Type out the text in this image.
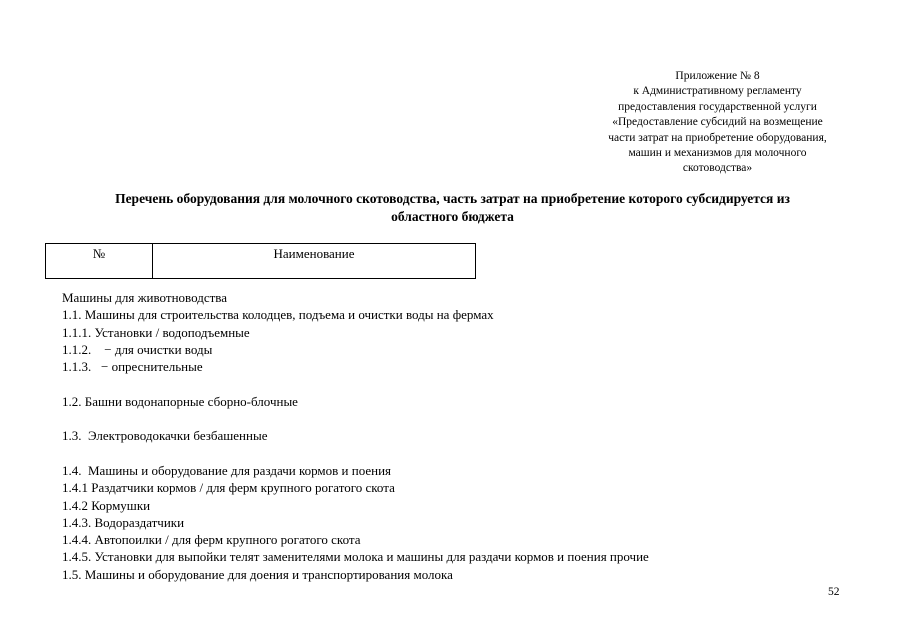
Приложение № 8
к Административному регламенту
предоставления государственной услуги
«Предоставление субсидий на возмещение
части затрат на приобретение оборудования,
машин и механизмов для молочного
скотоводства»
Перечень оборудования для молочного скотоводства, часть затрат на приобретение которого субсидируется из
областного бюджета
№	Наименование
Машины для животноводства
1.1. Машины для строительства колодцев, подъема и очистки воды на фермах
1.1.1. Установки / водоподъемные
1.1.2.    − для очистки воды
1.1.3.   − опреснительные
1.2. Башни водонапорные сборно-блочные
1.3.  Электроводокачки безбашенные
1.4.  Машины и оборудование для раздачи кормов и поения
1.4.1 Раздатчики кормов / для ферм крупного рогатого скота
1.4.2 Кормушки
1.4.3. Водораздатчики
1.4.4. Автопоилки / для ферм крупного рогатого скота
1.4.5. Установки для выпойки телят заменителями молока и машины для раздачи кормов и поения прочие
1.5. Машины и оборудование для доения и транспортирования молока
52
